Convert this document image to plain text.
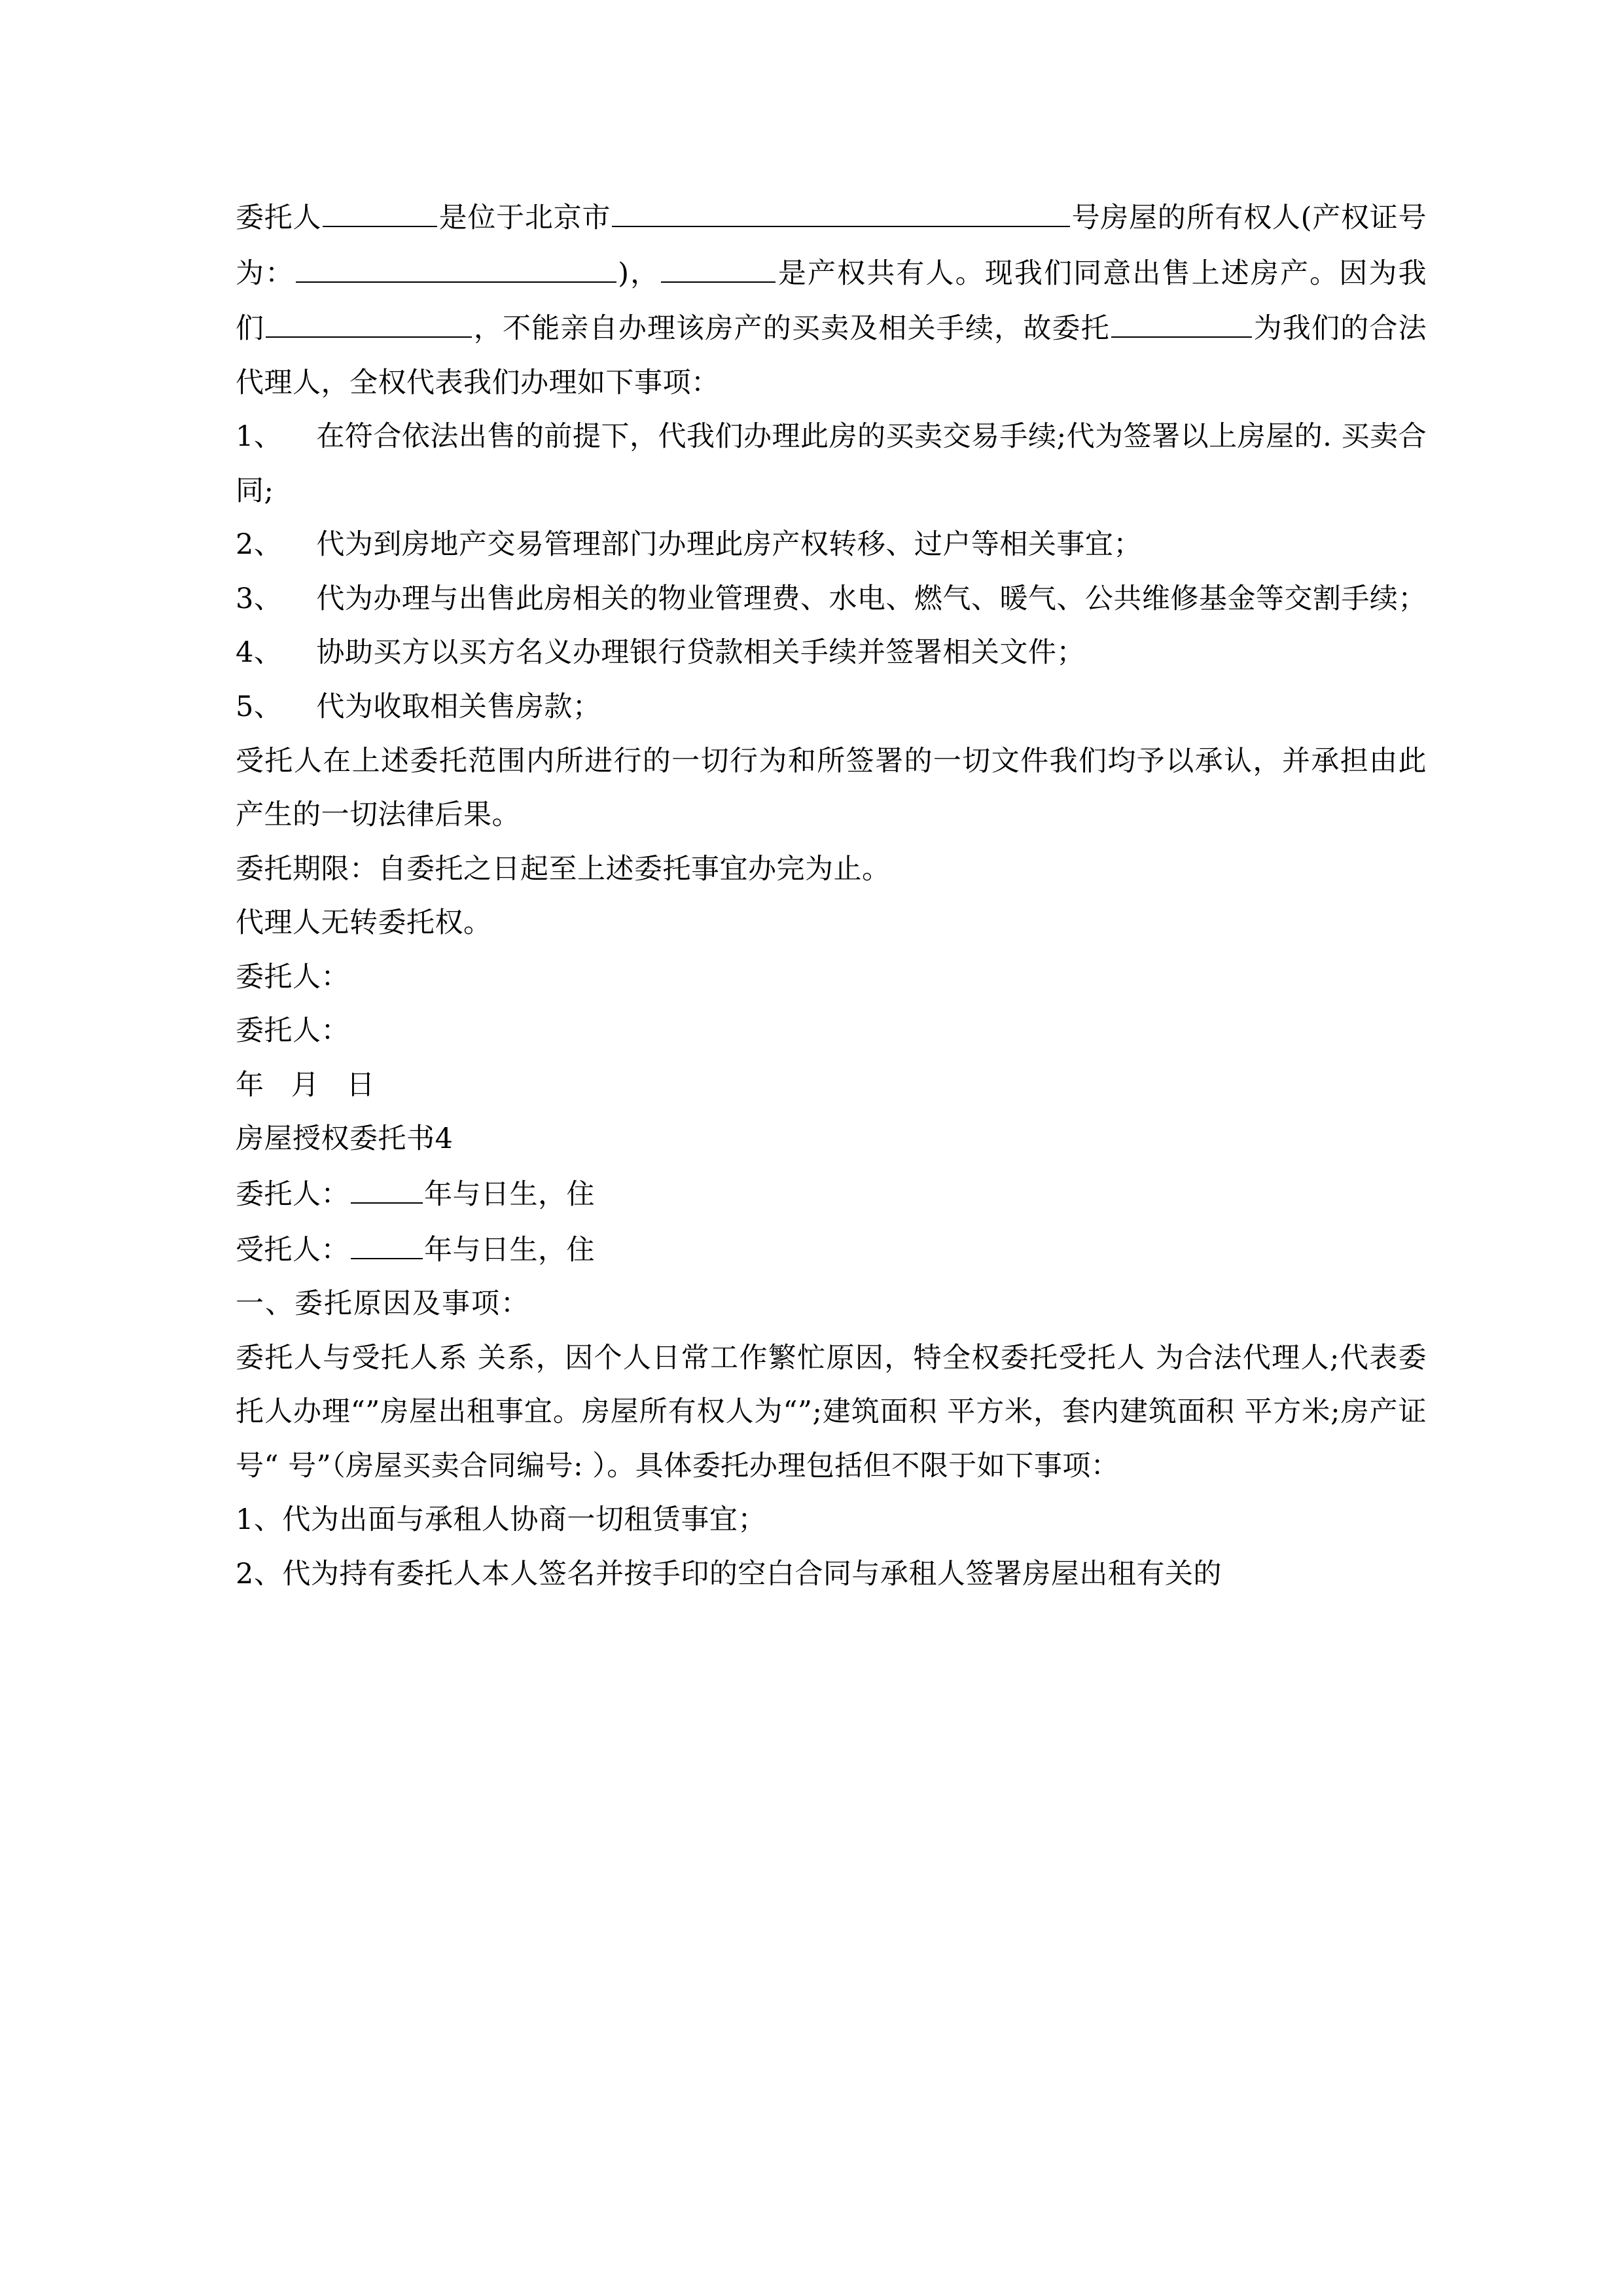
委托人	是位于北京市	号房屋的所有权人(产权证号为：	)，	是产权共有人。现我们同意出售上述房产。因为我们	，不能亲自办理该房产的买卖及相关手续，故委托	为我们的合法代理人，全权代表我们办理如下事项：

1、 在符合依法出售的前提下，代我们办理此房的买卖交易手续;代为签署以上房屋的. 买卖合同;

2、 代为到房地产交易管理部门办理此房产权转移、过户等相关事宜；

3、 代为办理与出售此房相关的物业管理费、水电、燃气、暖气、公共维修基金等交割手续；

4、 协助买方以买方名义办理银行贷款相关手续并签署相关文件；

5、 代为收取相关售房款；

受托人在上述委托范围内所进行的一切行为和所签署的一切文件我们均予以承认，并承担由此产生的一切法律后果。

委托期限：自委托之日起至上述委托事宜办完为止。

代理人无转委托权。

委托人：

委托人：

年 月 日

房屋授权委托书4

委托人：	年与日生，住

受托人：	年与日生，住

一、委托原因及事项：

委托人与受托人系 关系，因个人日常工作繁忙原因，特全权委托受托人 为合法代理人;代表委托人办理“”房屋出租事宜。房屋所有权人为“”;建筑面积 平方米，套内建筑面积 平方米;房产证号“ 号”（房屋买卖合同编号: ）。具体委托办理包括但不限于如下事项：

1、代为出面与承租人协商一切租赁事宜；

2、代为持有委托人本人签名并按手印的空白合同与承租人签署房屋出租有关的
